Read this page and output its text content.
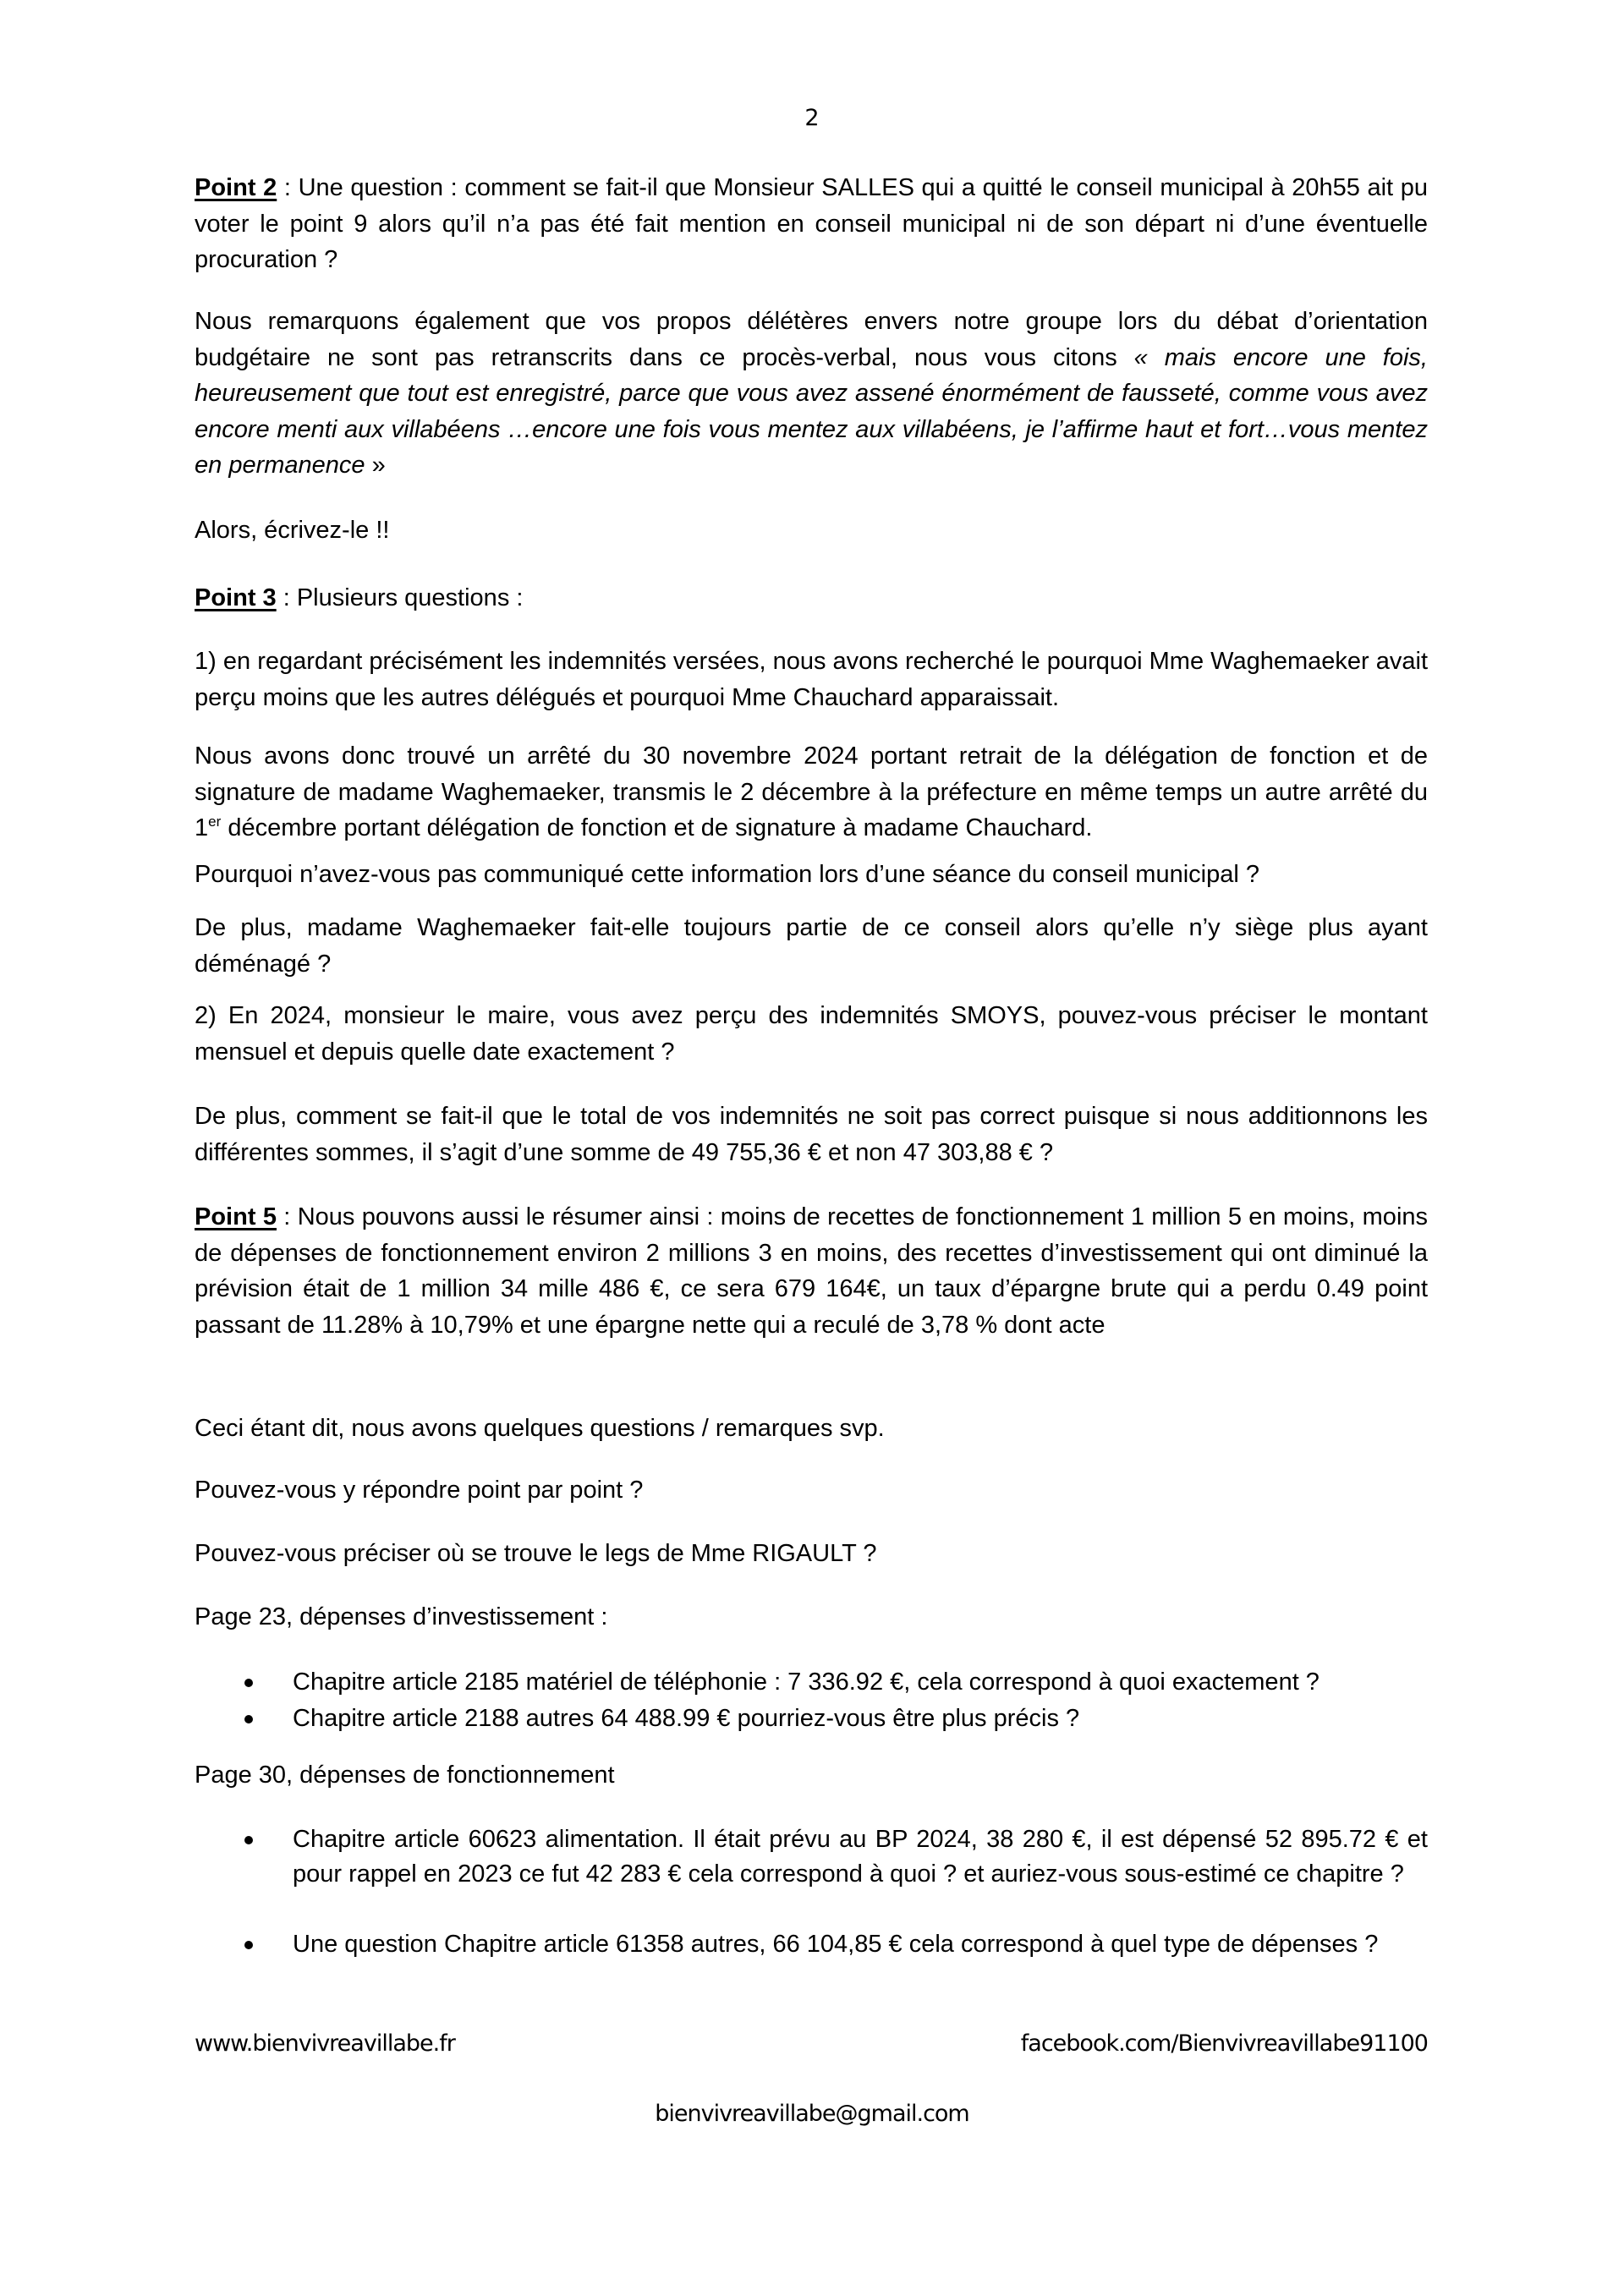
2

Point 2 : Une question : comment se fait-il que Monsieur SALLES qui a quitté le conseil municipal à 20h55 ait pu voter le point 9 alors qu’il n’a pas été fait mention en conseil municipal ni de son départ ni d’une éventuelle procuration ?

Nous remarquons également que vos propos délétères envers notre groupe lors du débat d’orientation budgétaire ne sont pas retranscrits dans ce procès-verbal, nous vous citons « mais encore une fois, heureusement que tout est enregistré, parce que vous avez assené énormément de fausseté, comme vous avez encore menti aux villabéens …encore une fois vous mentez aux villabéens, je l’affirme haut et fort…vous mentez en permanence »

Alors, écrivez-le !!

Point 3 : Plusieurs questions :

1) en regardant précisément les indemnités versées, nous avons recherché le pourquoi Mme Waghemaeker avait perçu moins que les autres délégués et pourquoi Mme Chauchard apparaissait.

Nous avons donc trouvé un arrêté du 30 novembre 2024 portant retrait de la délégation de fonction et de signature de madame Waghemaeker, transmis le 2 décembre à la préfecture en même temps un autre arrêté du 1er décembre portant délégation de fonction et de signature à madame Chauchard.

Pourquoi n’avez-vous pas communiqué cette information lors d’une séance du conseil municipal ?

De plus, madame Waghemaeker fait-elle toujours partie de ce conseil alors qu’elle n’y siège plus ayant déménagé ?

2) En 2024, monsieur le maire, vous avez perçu des indemnités SMOYS, pouvez-vous préciser le montant mensuel et depuis quelle date exactement ?

De plus, comment se fait-il que le total de vos indemnités ne soit pas correct puisque si nous additionnons les différentes sommes, il s’agit d’une somme de 49 755,36 € et non 47 303,88 € ?

Point 5 : Nous pouvons aussi le résumer ainsi : moins de recettes de fonctionnement 1 million 5 en moins, moins de dépenses de fonctionnement environ 2 millions 3 en moins, des recettes d’investissement qui ont diminué la prévision était de 1 million 34 mille 486 €, ce sera 679 164€, un taux d’épargne brute qui a perdu 0.49 point passant de 11.28% à 10,79% et une épargne nette qui a reculé de 3,78 % dont acte

Ceci étant dit, nous avons quelques questions / remarques svp.

Pouvez-vous y répondre point par point ?

Pouvez-vous préciser où se trouve le legs de Mme RIGAULT ?

Page 23, dépenses d’investissement :

Chapitre article 2185 matériel de téléphonie : 7 336.92 €, cela correspond à quoi exactement ?

Chapitre article 2188 autres 64 488.99 € pourriez-vous être plus précis ?

Page 30, dépenses de fonctionnement

Chapitre article 60623 alimentation. Il était prévu au BP 2024, 38 280 €, il est dépensé 52 895.72 € et pour rappel en 2023 ce fut 42 283 € cela correspond à quoi ? et auriez-vous sous-estimé ce chapitre ?

Une question Chapitre article 61358 autres, 66 104,85 € cela correspond à quel type de dépenses ?

www.bienvivreavillabe.fr	facebook.com/Bienvivreavillabe91100
bienvivreavillabe@gmail.com
